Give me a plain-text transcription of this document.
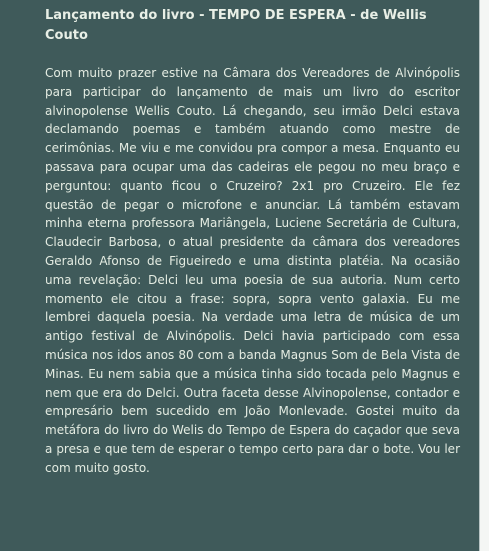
Lançamento do livro - TEMPO DE ESPERA - de Wellis Couto

Com muito prazer estive na Câmara dos Vereadores de Alvinópolis para participar do lançamento de mais um livro do escritor alvinopolense Wellis Couto. Lá chegando, seu irmão Delci estava declamando poemas e também atuando como mestre de cerimônias. Me viu e me convidou pra compor a mesa. Enquanto eu passava para ocupar uma das cadeiras ele pegou no meu braço e perguntou: quanto ficou o Cruzeiro? 2x1 pro Cruzeiro. Ele fez questão de pegar o microfone e anunciar. Lá também estavam minha eterna professora Mariângela, Luciene Secretária de Cultura, Claudecir Barbosa, o atual presidente da câmara dos vereadores Geraldo Afonso de Figueiredo e uma distinta platéia. Na ocasião uma revelação: Delci leu uma poesia de sua autoria. Num certo momento ele citou a frase: sopra, sopra vento galaxia. Eu me lembrei daquela poesia. Na verdade uma letra de música de um antigo festival de Alvinópolis. Delci havia participado com essa música nos idos anos 80 com a banda Magnus Som de Bela Vista de Minas. Eu nem sabia que a música tinha sido tocada pelo Magnus e nem que era do Delci. Outra faceta desse Alvinopolense, contador e empresário bem sucedido em João Monlevade. Gostei muito da metáfora do livro do Welis do Tempo de Espera do caçador que seva a presa e que tem de esperar o tempo certo para dar o bote. Vou ler com muito gosto.
